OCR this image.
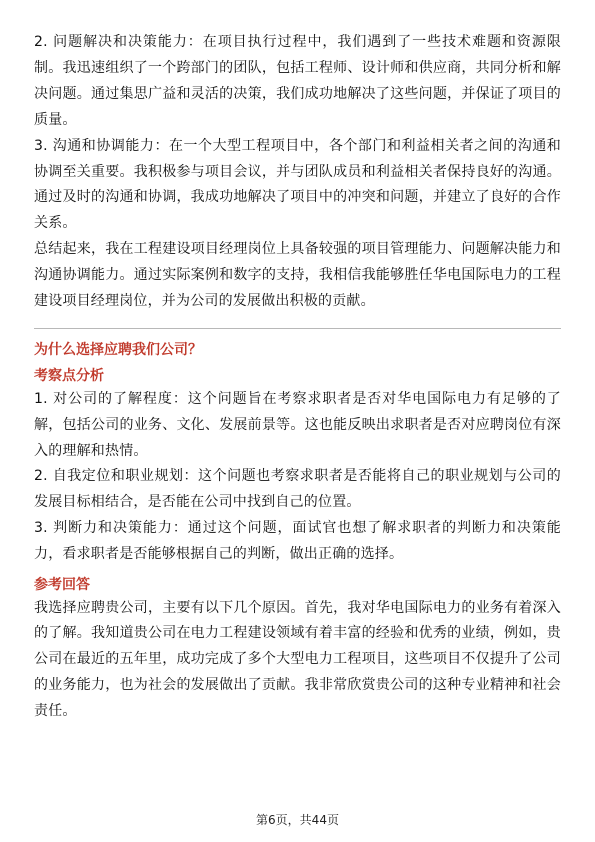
2. 问题解决和决策能力：在项目执行过程中，我们遇到了一些技术难题和资源限制。我迅速组织了一个跨部门的团队，包括工程师、设计师和供应商，共同分析和解决问题。通过集思广益和灵活的决策，我们成功地解决了这些问题，并保证了项目的质量。

3. 沟通和协调能力：在一个大型工程项目中，各个部门和利益相关者之间的沟通和协调至关重要。我积极参与项目会议，并与团队成员和利益相关者保持良好的沟通。通过及时的沟通和协调，我成功地解决了项目中的冲突和问题，并建立了良好的合作关系。

总结起来，我在工程建设项目经理岗位上具备较强的项目管理能力、问题解决能力和沟通协调能力。通过实际案例和数字的支持，我相信我能够胜任华电国际电力的工程建设项目经理岗位，并为公司的发展做出积极的贡献。

为什么选择应聘我们公司？
考察点分析

1. 对公司的了解程度：这个问题旨在考察求职者是否对华电国际电力有足够的了解，包括公司的业务、文化、发展前景等。这也能反映出求职者是否对应聘岗位有深入的理解和热情。

2. 自我定位和职业规划：这个问题也考察求职者是否能将自己的职业规划与公司的发展目标相结合，是否能在公司中找到自己的位置。

3. 判断力和决策能力：通过这个问题，面试官也想了解求职者的判断力和决策能力，看求职者是否能够根据自己的判断，做出正确的选择。

参考回答

我选择应聘贵公司，主要有以下几个原因。首先，我对华电国际电力的业务有着深入的了解。我知道贵公司在电力工程建设领域有着丰富的经验和优秀的业绩，例如，贵公司在最近的五年里，成功完成了多个大型电力工程项目，这些项目不仅提升了公司的业务能力，也为社会的发展做出了贡献。我非常欣赏贵公司的这种专业精神和社会责任。

第6页，共44页
